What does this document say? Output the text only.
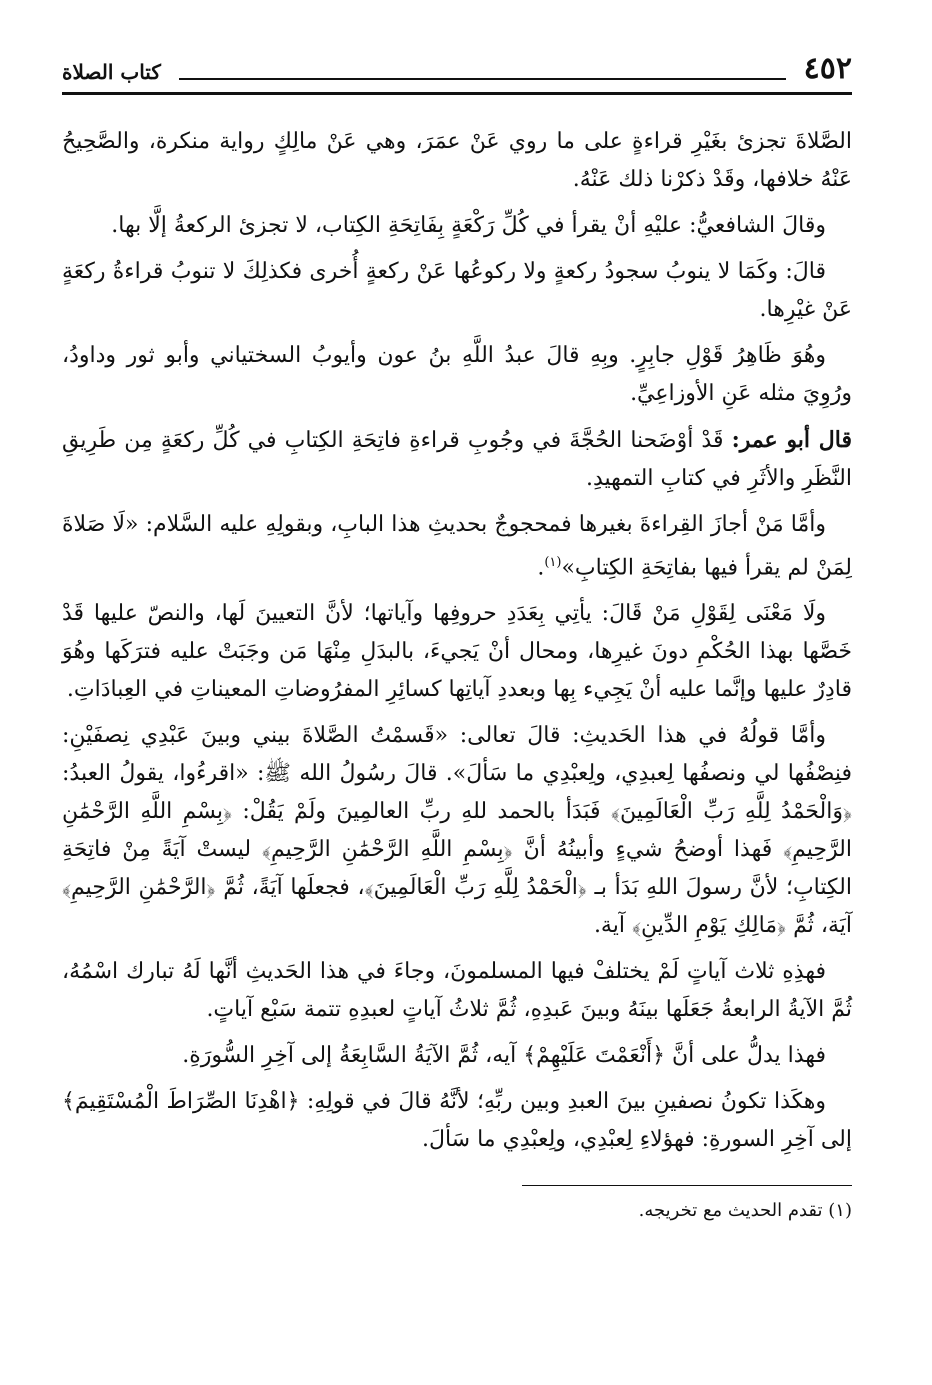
٤٥٢
كتاب الصلاة

الصَّلاةَ تجزئ بغَيْرِ قراءةٍ على ما روي عَنْ عمَرَ، وهي عَنْ مالِكٍ رواية منكرة، والصَّحِيحُ عَنْهُ خلافها، وقَدْ ذكرْنا ذلك عَنْهُ.

وقالَ الشافعيُّ: عليْهِ أنْ يقرأ في كُلِّ رَكْعَةٍ بِفَاتِحَةِ الكِتاب، لا تجزئ الركعةُ إلَّا بها.

قالَ: وكَمَا لا ينوبُ سجودُ ركعةٍ ولا ركوعُها عَنْ ركعةٍ أُخرى فكذلِكَ لا تنوبُ قراءةُ ركعَةٍ عَنْ غيْرِها.

وهُوَ ظَاهِرُ قَوْلِ جابِرٍ. وبِهِ قالَ عبدُ اللَّهِ بنُ عون وأيوبُ السختياني وأبو ثور وداودُ، ورُوِيَ مثله عَنِ الأوزاعِيِّ.

قال أبو عمر: قَدْ أوْضَحنا الحُجَّةَ في وجُوبِ قراءةِ فاتِحَةِ الكِتابِ في كُلِّ ركعَةٍ مِن طَرِيقِ النَّظَرِ والأثَرِ في كتابِ التمهيدِ.

وأمَّا مَنْ أجازَ القِراءةَ بغيرها فمحجوجٌ بحديثِ هذا البابِ، وبقولِهِ عليه السَّلام: «لَا صَلاةَ لِمَنْ لم يقرأ فيها بفاتِحَةِ الكِتابِ»$^{(١)}$.

ولَا مَعْنَى لِقَوْلِ مَنْ قَالَ: يأتِي بِعَدَدِ حروفِها وآياتها؛ لأنَّ التعيينَ لَها، والنصّ عليها قَدْ خَصَّها بهذا الحُكْمِ دونَ غيرِها، ومحال أنْ يَجيءَ، بالبدَلِ مِنْهَا مَن وجَبَتْ عليه فترَكَها وهُوَ قادِرٌ عليها وإنَّما عليه أنْ يَجِيء بِها وبعددِ آياتِها كسائِرِ المفرُوضاتِ المعيناتِ في العِبادَاتِ.

وأمَّا قولُهُ في هذا الحَديثِ: قالَ تعالى: «قَسمْتُ الصَّلاةَ بيني وبينَ عَبْدِي نِصفَيْنِ: فنِصْفُها لي ونصفُها لِعبدِي، ولِعبْدِي ما سَألَ». قالَ رسُولُ الله ﷺ: «اقرءُوا، يقولُ العبدُ: ﴿وَالْحَمْدُ لِلَّهِ رَبِّ الْعَالَمِينَ﴾ فَبَدَأ بالحمد للهِ ربِّ العالمِينَ ولَمْ يَقُلْ: ﴿بِسْمِ اللَّهِ الرَّحْمَٰنِ الرَّحِيمِ﴾ فَهذا أوضحُ شيءٍ وأبينُهُ أنَّ ﴿بِسْمِ اللَّهِ الرَّحْمَٰنِ الرَّحِيمِ﴾ ليستْ آيَةً مِنْ فاتِحَةِ الكِتابِ؛ لأنَّ رسولَ اللهِ بَدَأ بـ ﴿الْحَمْدُ لِلَّهِ رَبِّ الْعَالَمِينَ﴾، فجعلَها آيَةً، ثُمَّ ﴿الرَّحْمَٰنِ الرَّحِيمِ﴾ آيَة، ثُمَّ ﴿مَالِكِ يَوْمِ الدِّينِ﴾ آية.

فهذِهِ ثلاث آياتٍ لَمْ يختلفْ فيها المسلمونَ، وجاءَ في هذا الحَديثِ أنَّها لَهُ تبارك اسْمُهُ، ثُمَّ الآيةُ الرابعةُ جَعَلَها بينَهُ وبينَ عَبدِهِ، ثُمَّ ثلاثُ آياتٍ لعبدِهِ تتمة سَبْع آياتٍ.

فهذا يدلُّ على أنَّ ﴿أَنْعَمْتَ عَلَيْهِمْ﴾ آيه، ثُمَّ الآيَةُ السَّابِعَةُ إلى آخِرِ السُّورَةِ.

وهكَذا تكونُ نصفينِ بينَ العبدِ وبين ربِّهِ؛ لأنَّهُ قالَ في قولِهِ: ﴿اهْدِنَا الصِّرَاطَ الْمُسْتَقِيمَ﴾ إلى آخِرِ السورةِ: فهؤلاءِ لِعبْدِي، ولِعبْدِي ما سَألَ.

(١) تقدم الحديث مع تخريجه.
